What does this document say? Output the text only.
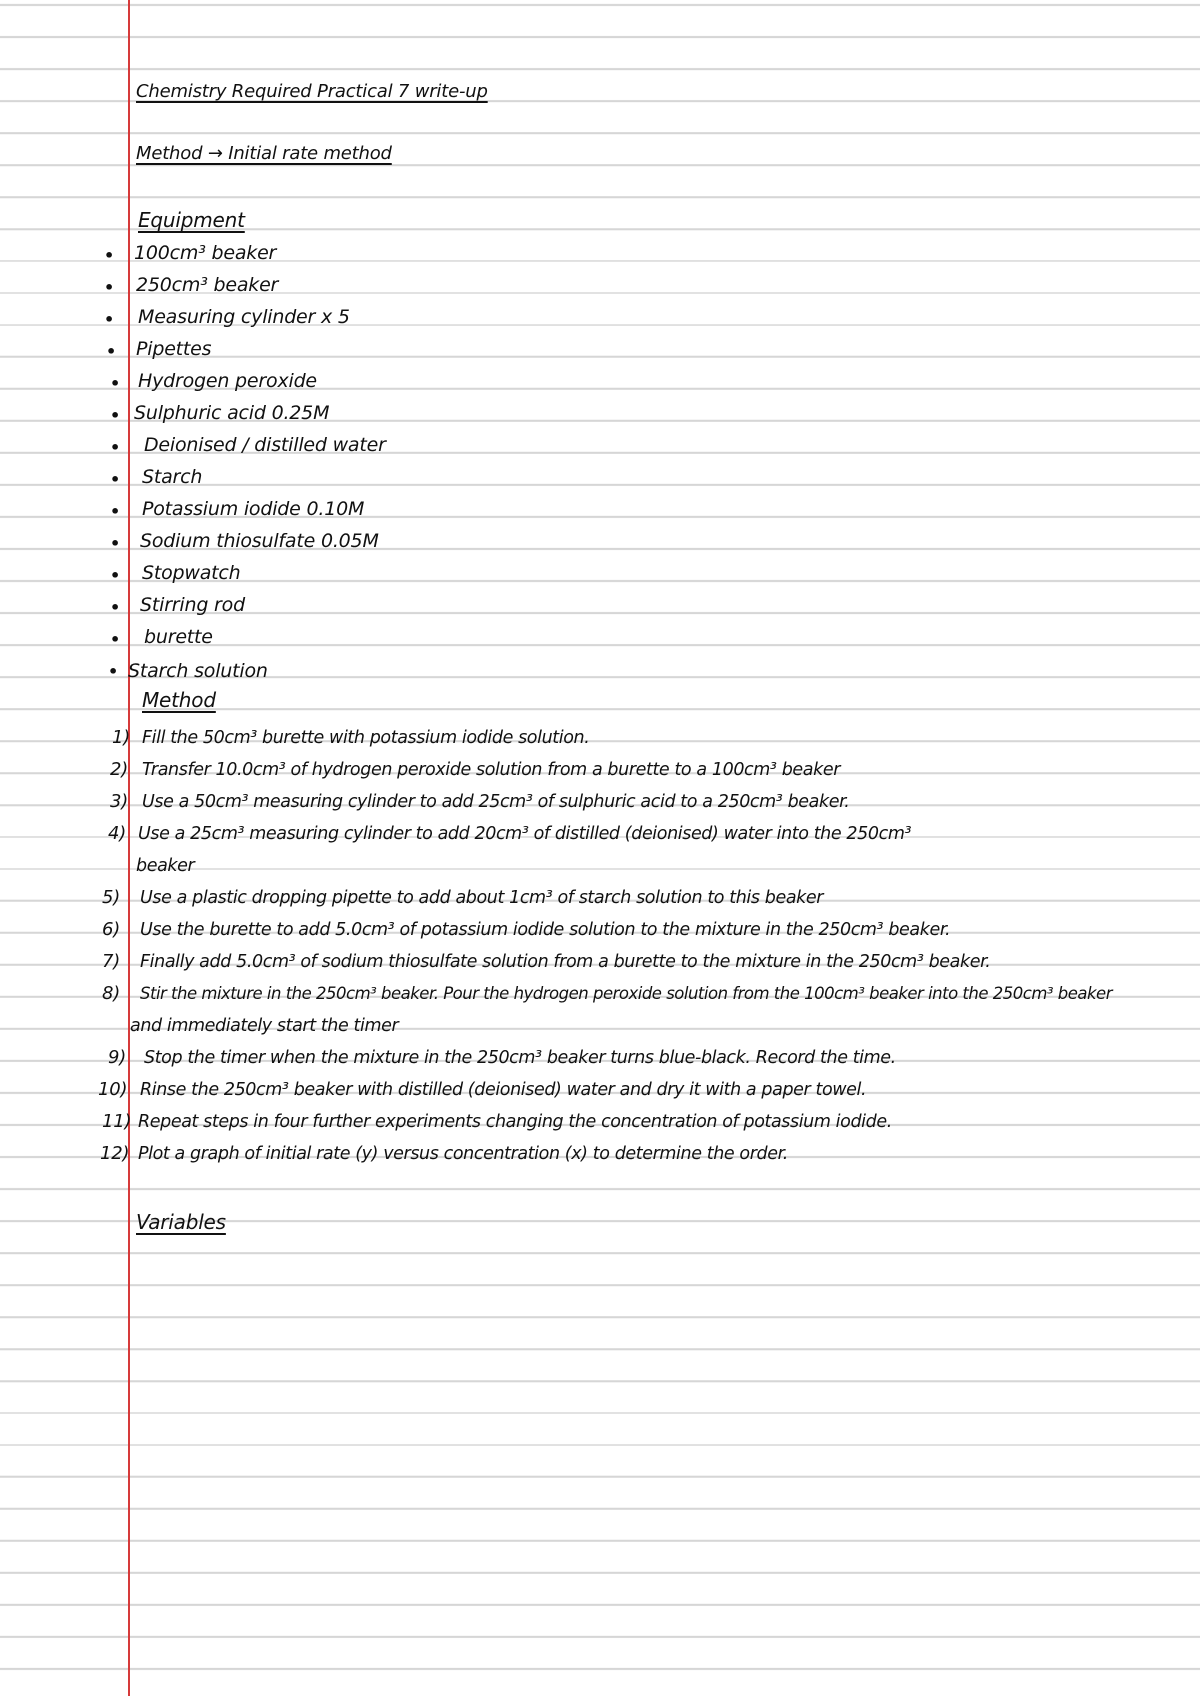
Chemistry Required Practical 7 write-up
Method → Initial rate method
Equipment
• 100cm³ beaker
• 250cm³ beaker
• Measuring cylinder x 5
• Pipettes
• Hydrogen peroxide
• Sulphuric acid 0.25M
• Deionised / distilled water
• Starch
• Potassium iodide 0.10M
• Sodium thiosulfate 0.05M
• Stopwatch
• Stirring rod
• burette
• Starch solution
Method
1) Fill the 50cm³ burette with potassium iodide solution.
2) Transfer 10.0cm³ of hydrogen peroxide solution from a burette to a 100cm³ beaker
3) Use a 50cm³ measuring cylinder to add 25cm³ of sulphuric acid to a 250cm³ beaker.
4) Use a 25cm³ measuring cylinder to add 20cm³ of distilled (deionised) water into the 250cm³
beaker
5) Use a plastic dropping pipette to add about 1cm³ of starch solution to this beaker
6) Use the burette to add 5.0cm³ of potassium iodide solution to the mixture in the 250cm³ beaker.
7) Finally add 5.0cm³ of sodium thiosulfate solution from a burette to the mixture in the 250cm³ beaker.
8) Stir the mixture in the 250cm³ beaker. Pour the hydrogen peroxide solution from the 100cm³ beaker into the 250cm³ beaker
and immediately start the timer
9) Stop the timer when the mixture in the 250cm³ beaker turns blue-black. Record the time.
10) Rinse the 250cm³ beaker with distilled (deionised) water and dry it with a paper towel.
11) Repeat steps in four further experiments changing the concentration of potassium iodide.
12) Plot a graph of initial rate (y) versus concentration (x) to determine the order.
Variables
